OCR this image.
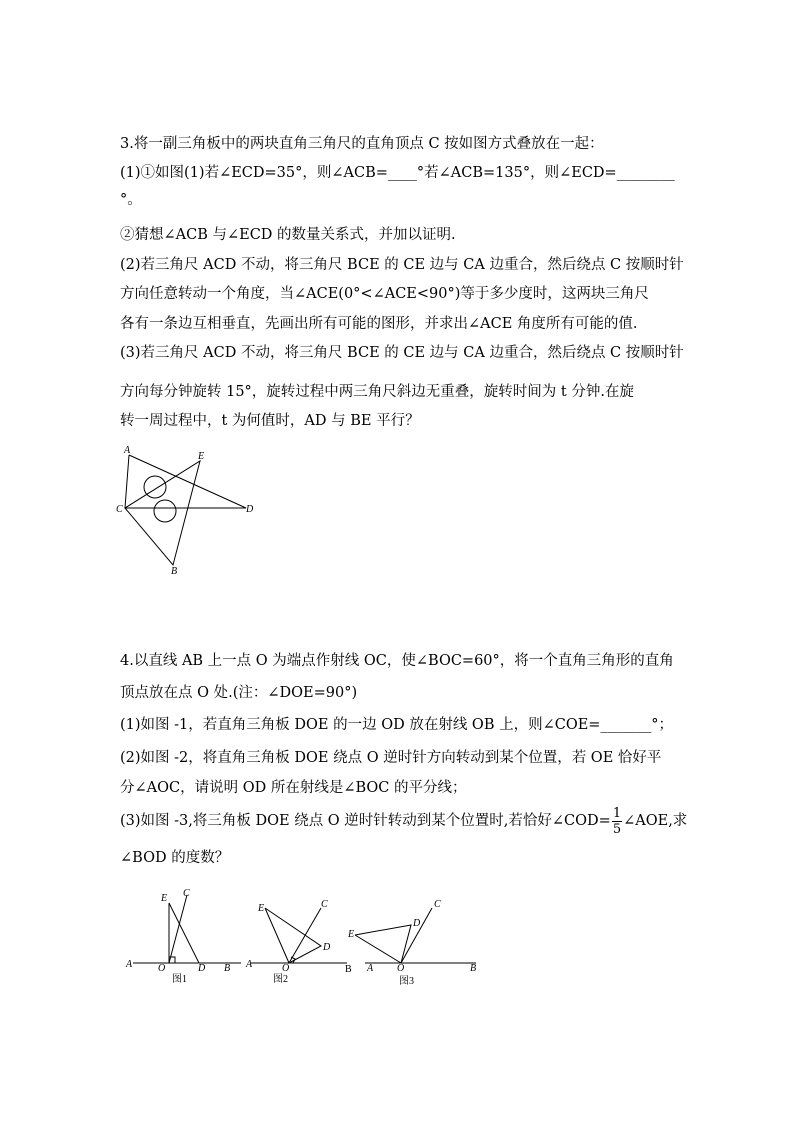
3.将一副三角板中的两块直角三角尺的直角顶点 C 按如图方式叠放在一起：
(1)①如图(1)若∠ECD=35°，则∠ACB=____°若∠ACB=135°，则∠ECD=________
°。
②猜想∠ACB 与∠ECD 的数量关系式，并加以证明.
(2)若三角尺 ACD 不动，将三角尺 BCE 的 CE 边与 CA 边重合，然后绕点 C 按顺时针
方向任意转动一个角度，当∠ACE(0°<∠ACE<90°)等于多少度时，这两块三角尺
各有一条边互相垂直，先画出所有可能的图形，并求出∠ACE 角度所有可能的值.
(3)若三角尺 ACD 不动，将三角尺 BCE 的 CE 边与 CA 边重合，然后绕点 C 按顺时针
方向每分钟旋转 15°，旋转过程中两三角尺斜边无重叠，旋转时间为 t 分钟.在旋
转一周过程中，t 为何值时，AD 与 BE 平行？
A
E
C	D
B
4.以直线 AB 上一点 O 为端点作射线 OC，使∠BOC=60°，将一个直角三角形的直角
顶点放在点 O 处.(注：∠DOE=90°)
(1)如图 -1，若直角三角板 DOE 的一边 OD 放在射线 OB 上，则∠COE=_______°；
(2)如图 -2，将直角三角板 DOE 绕点 O 逆时针方向转动到某个位置，若 OE 恰好平
分∠AOC，请说明 OD 所在射线是∠BOC 的平分线；
(3)如图 -3,将三角板 DOE 绕点 O 逆时针转动到某个位置时,若恰好∠COD= $\frac{1}{5}$ ∠AOE,求
∠BOD 的度数？
E C
A	O	D B
图1
E	C
D
A	O	B
图2
C
D
E
A O	B
图3
